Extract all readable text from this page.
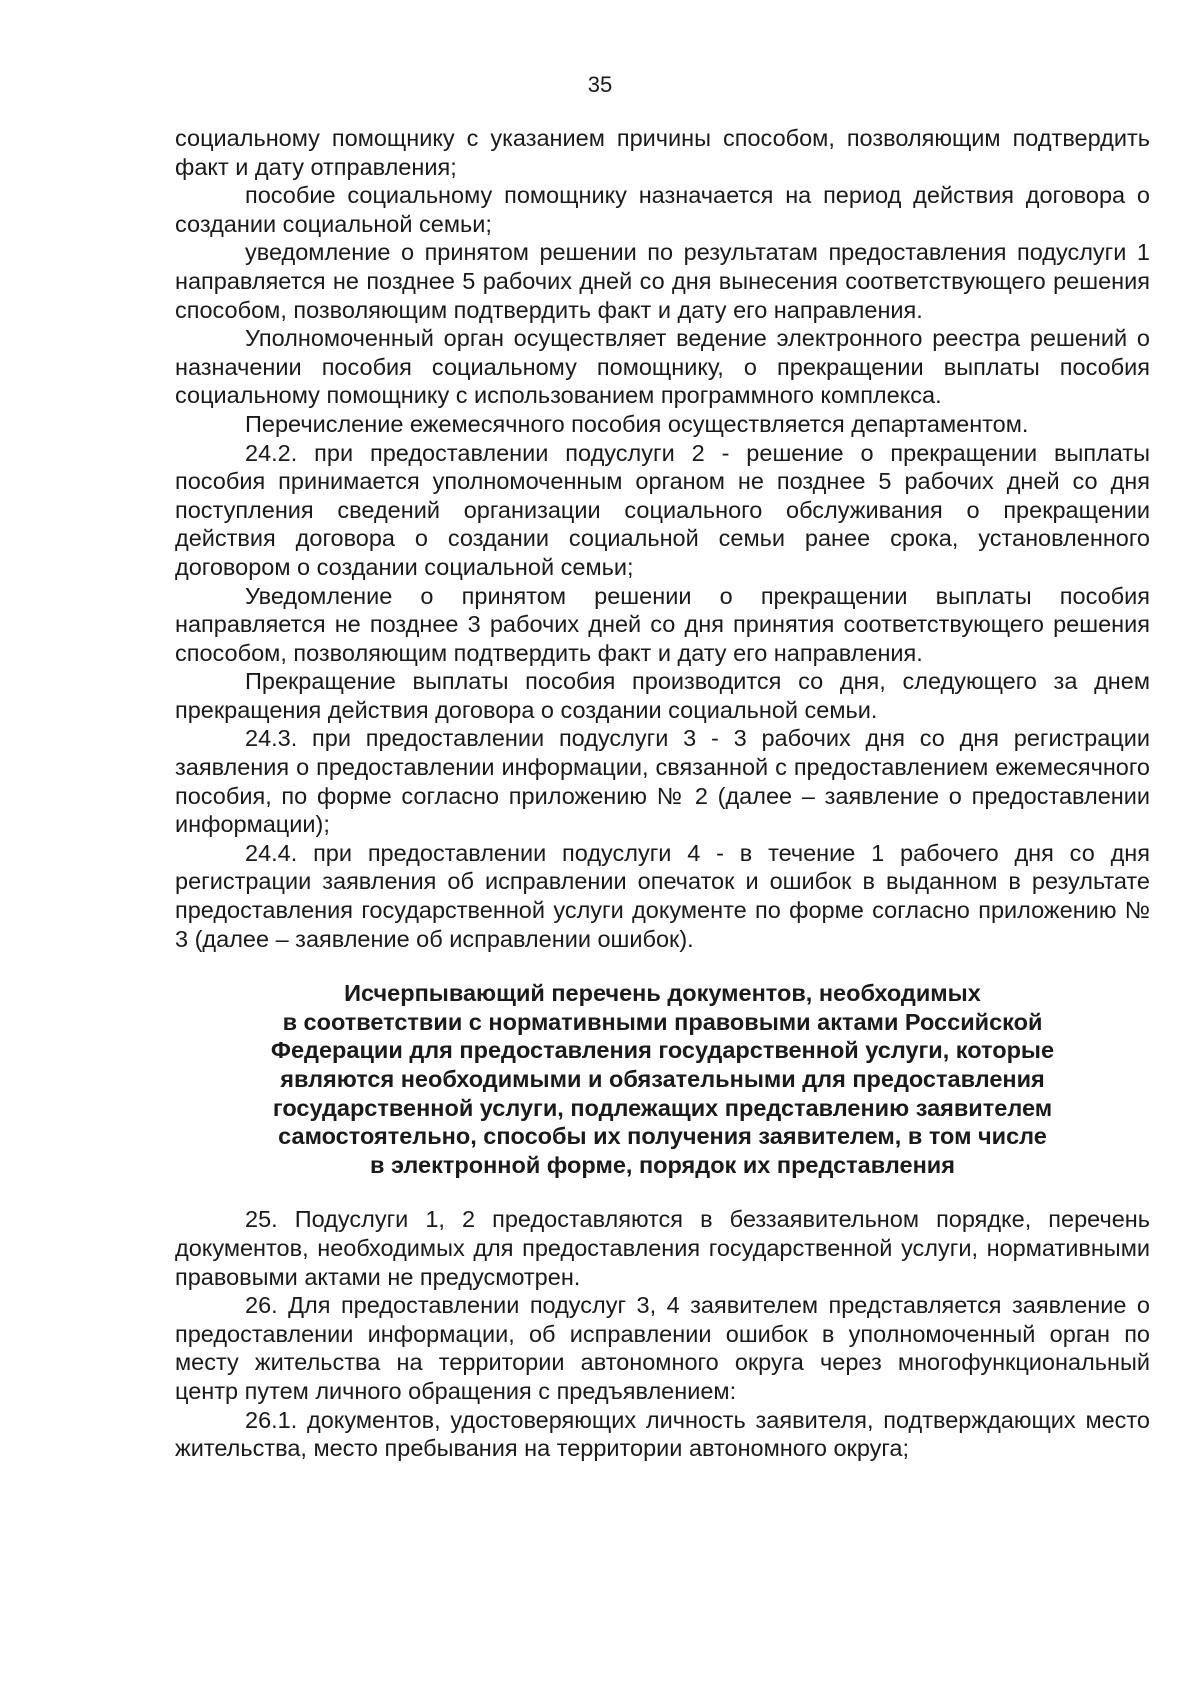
35

социальному помощнику с указанием причины способом, позволяющим подтвердить факт и дату отправления;

пособие социальному помощнику назначается на период действия договора о создании социальной семьи;

уведомление о принятом решении по результатам предоставления подуслуги 1 направляется не позднее 5 рабочих дней со дня вынесения соответствующего решения способом, позволяющим подтвердить факт и дату его направления.

Уполномоченный орган осуществляет ведение электронного реестра решений о назначении пособия социальному помощнику, о прекращении выплаты пособия социальному помощнику с использованием программного комплекса.

Перечисление ежемесячного пособия осуществляется департаментом.

24.2. при предоставлении подуслуги 2 - решение о прекращении выплаты пособия принимается уполномоченным органом не позднее 5 рабочих дней со дня поступления сведений организации социального обслуживания о прекращении действия договора о создании социальной семьи ранее срока, установленного договором о создании социальной семьи;

Уведомление о принятом решении о прекращении выплаты пособия направляется не позднее 3 рабочих дней со дня принятия соответствующего решения способом, позволяющим подтвердить факт и дату его направления.

Прекращение выплаты пособия производится со дня, следующего за днем прекращения действия договора о создании социальной семьи.

24.3. при предоставлении подуслуги 3 - 3 рабочих дня со дня регистрации заявления о предоставлении информации, связанной с предоставлением ежемесячного пособия, по форме согласно приложению № 2 (далее – заявление о предоставлении информации);

24.4. при предоставлении подуслуги 4 - в течение 1 рабочего дня со дня регистрации заявления об исправлении опечаток и ошибок в выданном в результате предоставления государственной услуги документе по форме согласно приложению № 3 (далее – заявление об исправлении ошибок).

Исчерпывающий перечень документов, необходимых

в соответствии с нормативными правовыми актами Российской

Федерации для предоставления государственной услуги, которые

являются необходимыми и обязательными для предоставления

государственной услуги, подлежащих представлению заявителем

самостоятельно, способы их получения заявителем, в том числе

в электронной форме, порядок их представления

25. Подуслуги 1, 2 предоставляются в беззаявительном порядке, перечень документов, необходимых для предоставления государственной услуги, нормативными правовыми актами не предусмотрен.

26. Для предоставлении подуслуг 3, 4 заявителем представляется заявление о предоставлении информации, об исправлении ошибок в уполномоченный орган по месту жительства на территории автономного округа через многофункциональный центр путем личного обращения с предъявлением:

26.1. документов, удостоверяющих личность заявителя, подтверждающих место жительства, место пребывания на территории автономного округа;
